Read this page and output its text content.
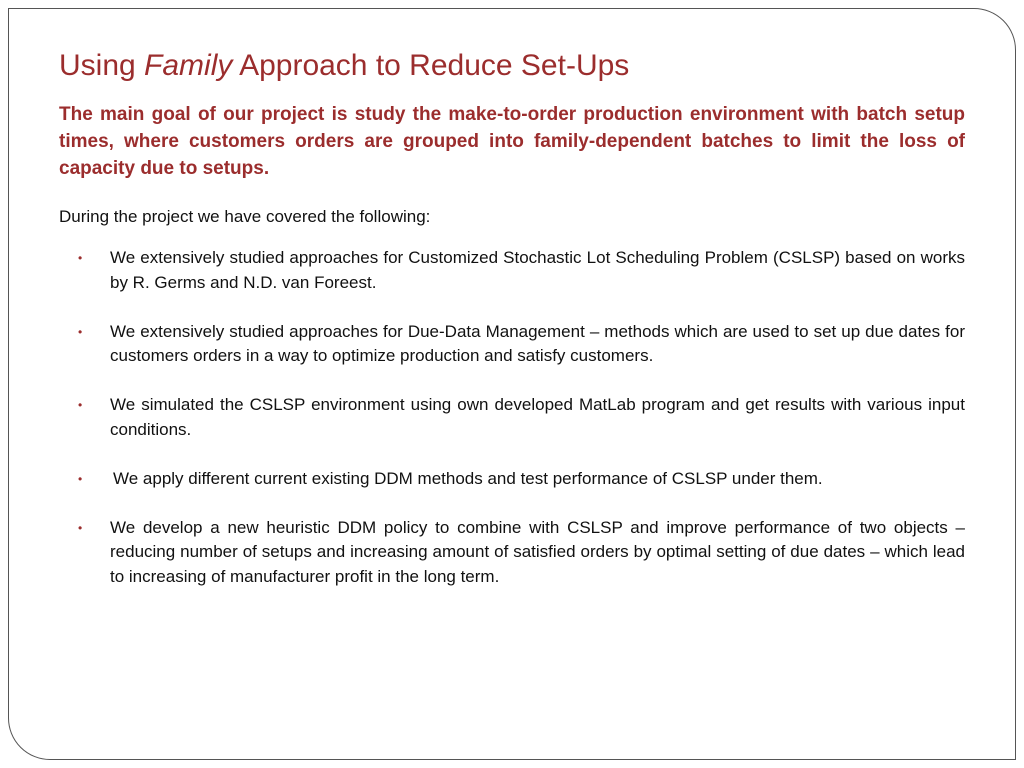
Using Family Approach to Reduce Set-Ups

The main goal of our project is study the make-to-order production environment with batch setup times, where customers orders are grouped into family-dependent batches to limit the loss of capacity due to setups.

During the project we have covered the following:

• We extensively studied approaches for Customized Stochastic Lot Scheduling Problem (CSLSP) based on works by R. Germs and N.D. van Foreest.
• We extensively studied approaches for Due-Data Management – methods which are used to set up due dates for customers orders in a way to optimize production and satisfy customers.
• We simulated the CSLSP environment using own developed MatLab program and get results with various input conditions.
• We apply different current existing DDM methods and test performance of CSLSP under them.
• We develop a new heuristic DDM policy to combine with CSLSP and improve performance of two objects – reducing number of setups and increasing amount of satisfied orders by optimal setting of due dates – which lead to increasing of manufacturer profit in the long term.
